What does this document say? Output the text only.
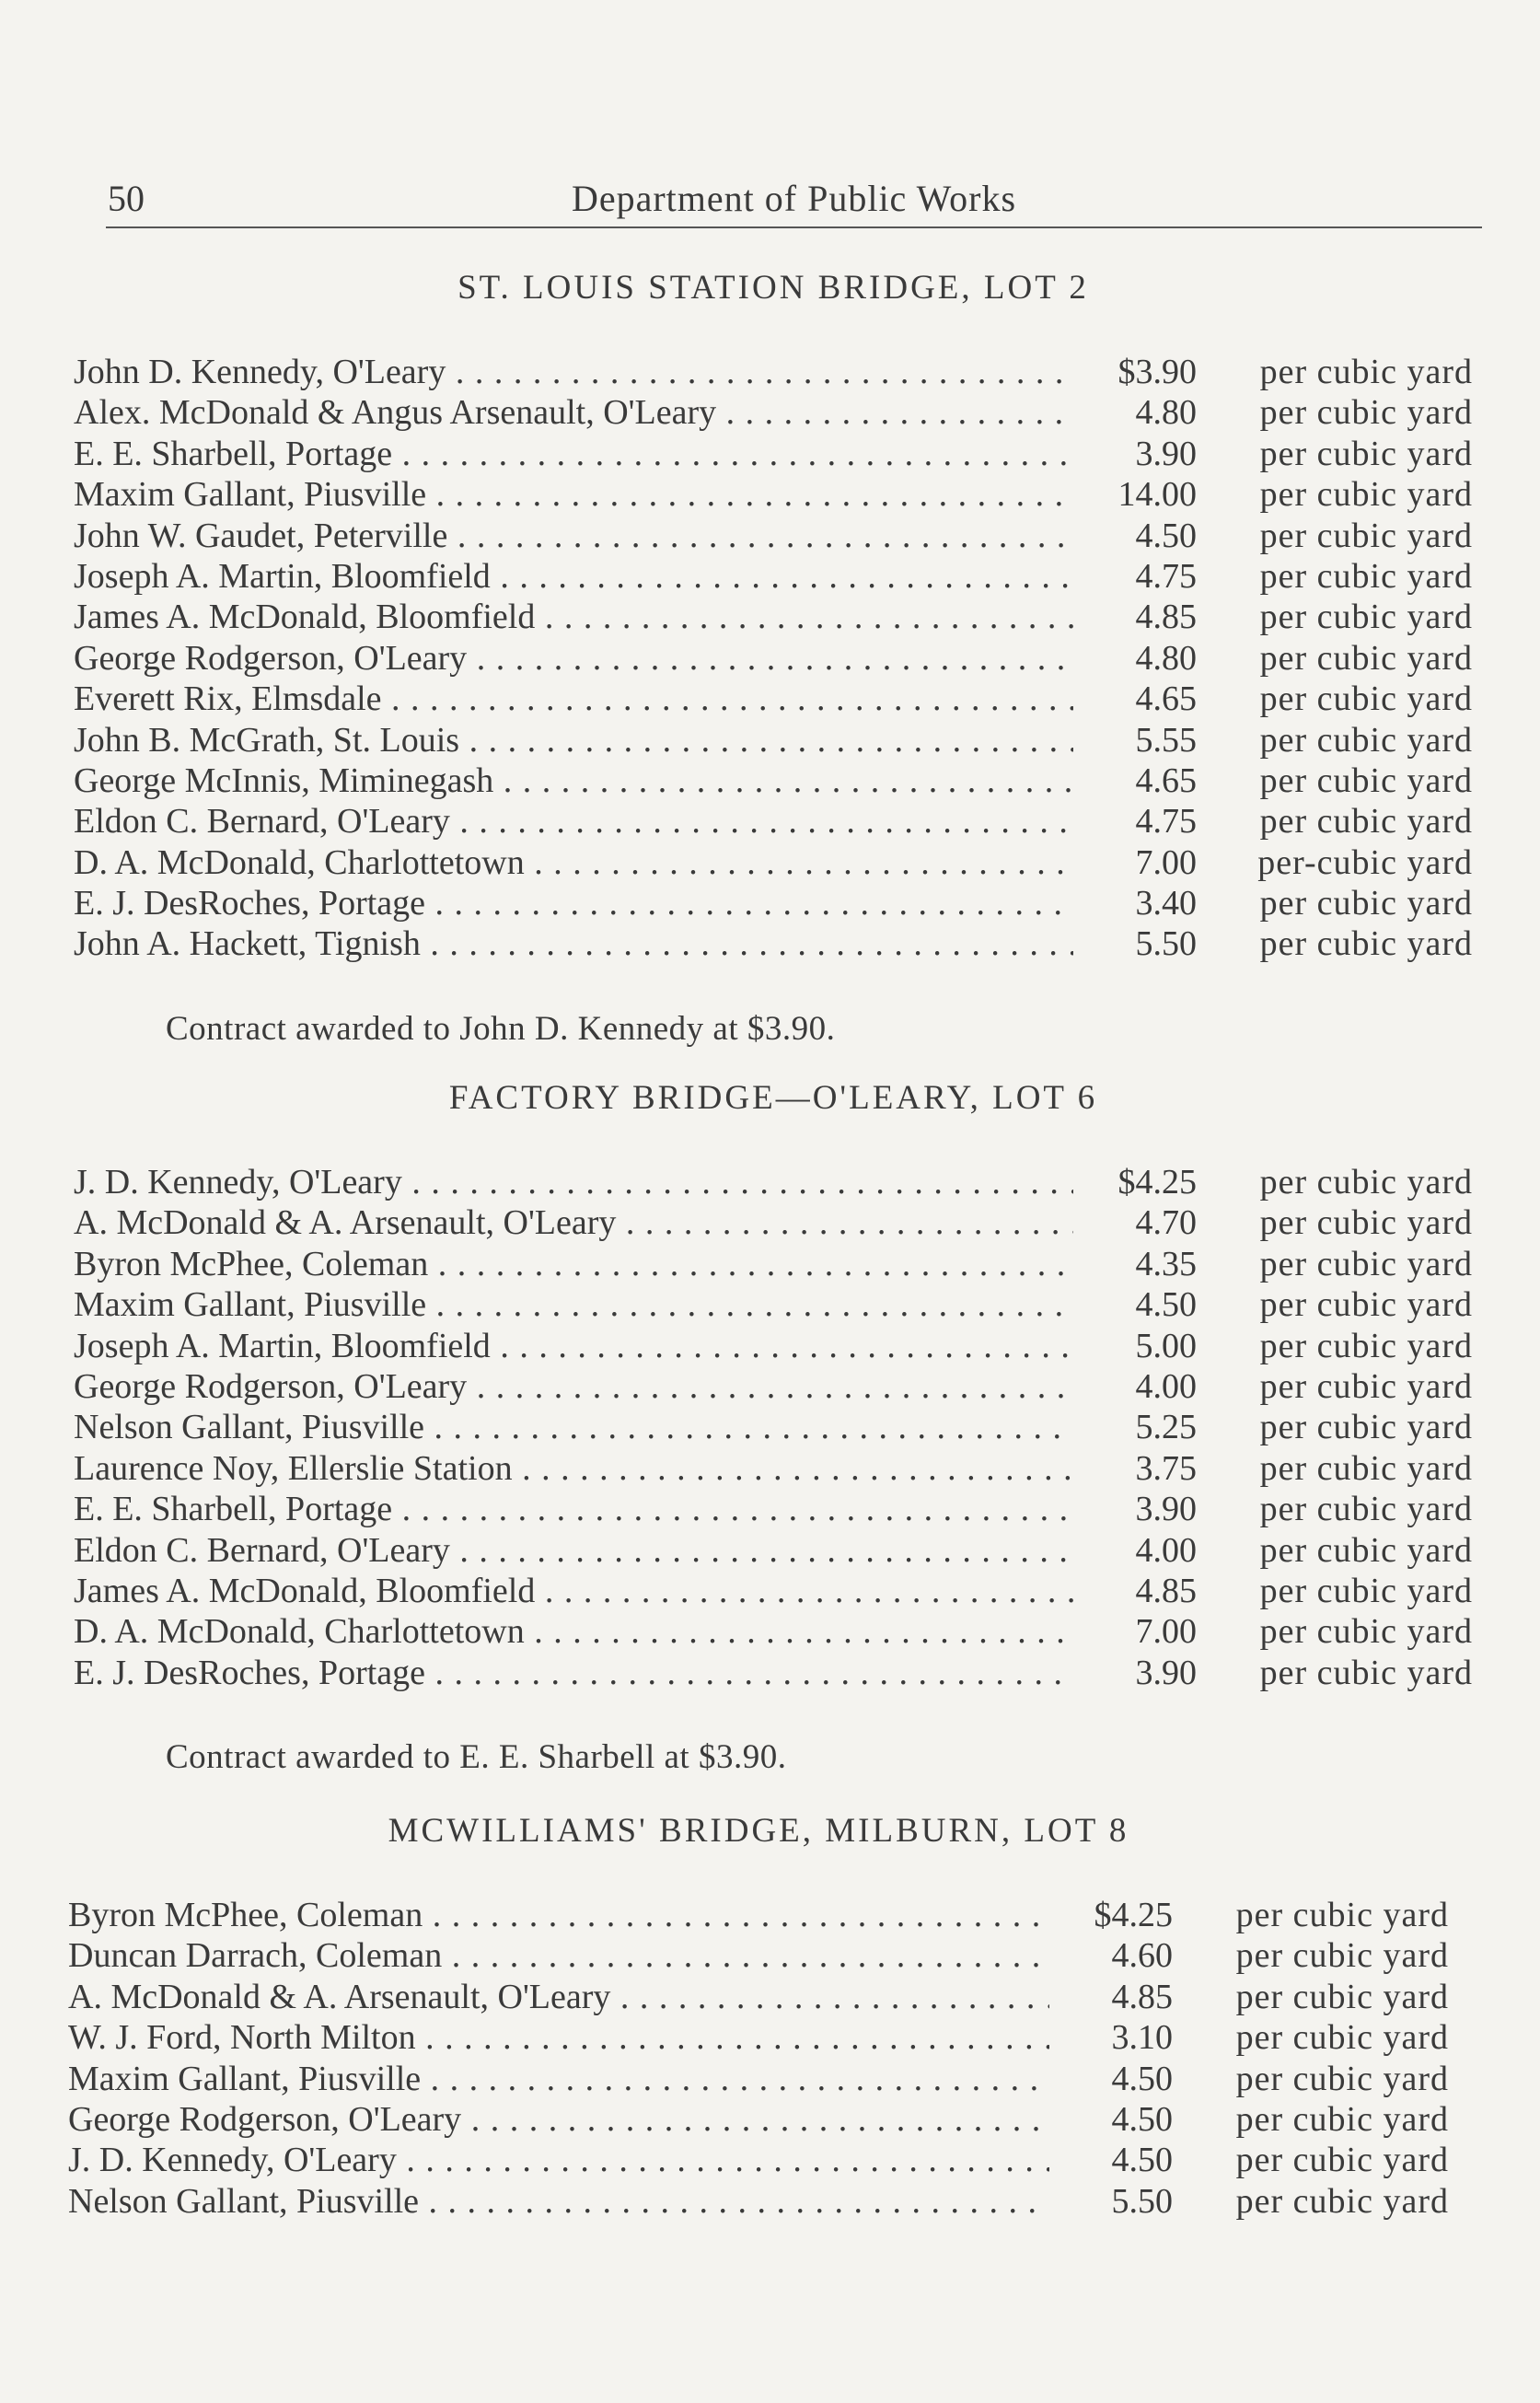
50	Department of Public Works
ST. LOUIS STATION BRIDGE, LOT 2
John D. Kennedy, O'Leary . . .	$3.90	per cubic yard
Alex. McDonald & Angus Arsenault, O'Leary . . .	4.80	per cubic yard
E. E. Sharbell, Portage . . .	3.90	per cubic yard
Maxim Gallant, Piusville . . .	14.00	per cubic yard
John W. Gaudet, Peterville . . .	4.50	per cubic yard
Joseph A. Martin, Bloomfield . . .	4.75	per cubic yard
James A. McDonald, Bloomfield . . .	4.85	per cubic yard
George Rodgerson, O'Leary . . .	4.80	per cubic yard
Everett Rix, Elmsdale . . .	4.65	per cubic yard
John B. McGrath, St. Louis . . .	5.55	per cubic yard
George McInnis, Miminegash . . .	4.65	per cubic yard
Eldon C. Bernard, O'Leary . . .	4.75	per cubic yard
D. A. McDonald, Charlottetown . . .	7.00	per-cubic yard
E. J. DesRoches, Portage . . .	3.40	per cubic yard
John A. Hackett, Tignish . . .	5.50	per cubic yard
Contract awarded to John D. Kennedy at $3.90.
FACTORY BRIDGE—O'LEARY, LOT 6
J. D. Kennedy, O'Leary . . .	$4.25	per cubic yard
A. McDonald & A. Arsenault, O'Leary . . .	4.70	per cubic yard
Byron McPhee, Coleman . . .	4.35	per cubic yard
Maxim Gallant, Piusville . . .	4.50	per cubic yard
Joseph A. Martin, Bloomfield . . .	5.00	per cubic yard
George Rodgerson, O'Leary . . .	4.00	per cubic yard
Nelson Gallant, Piusville . . .	5.25	per cubic yard
Laurence Noy, Ellerslie Station . . .	3.75	per cubic yard
E. E. Sharbell, Portage . . .	3.90	per cubic yard
Eldon C. Bernard, O'Leary . . .	4.00	per cubic yard
James A. McDonald, Bloomfield . . .	4.85	per cubic yard
D. A. McDonald, Charlottetown . . .	7.00	per cubic yard
E. J. DesRoches, Portage . . .	3.90	per cubic yard
Contract awarded to E. E. Sharbell at $3.90.
MCWILLIAMS' BRIDGE, MILBURN, LOT 8
Byron McPhee, Coleman . . .	$4.25	per cubic yard
Duncan Darrach, Coleman . . .	4.60	per cubic yard
A. McDonald & A. Arsenault, O'Leary . . .	4.85	per cubic yard
W. J. Ford, North Milton . . .	3.10	per cubic yard
Maxim Gallant, Piusville . . .	4.50	per cubic yard
George Rodgerson, O'Leary . . .	4.50	per cubic yard
J. D. Kennedy, O'Leary . . .	4.50	per cubic yard
Nelson Gallant, Piusville . . .	5.50	per cubic yard
